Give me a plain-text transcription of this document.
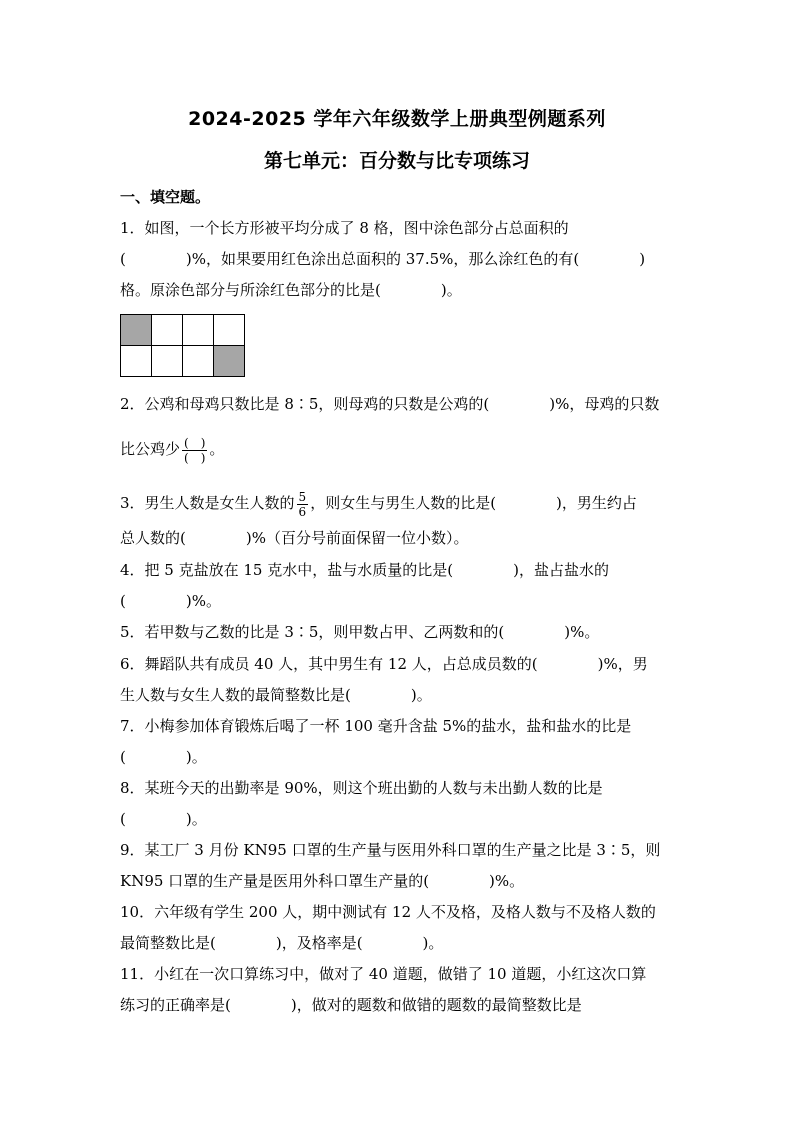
2024-2025 学年六年级数学上册典型例题系列
第七单元：百分数与比专项练习
一、填空题。
1．如图，一个长方形被平均分成了 8 格，图中涂色部分占总面积的
(　　　　)%，如果要用红色涂出总面积的 37.5%，那么涂红色的有(　　　　)
格。原涂色部分与所涂红色部分的比是(　　　　)。

2．公鸡和母鸡只数比是 8∶5，则母鸡的只数是公鸡的(　　　　)%，母鸡的只数
比公鸡少 $\frac{( )}{( )}$ 。
3．男生人数是女生人数的 $\frac{5}{6}$ ，则女生与男生人数的比是(　　　　)，男生约占
总人数的(　　　　)%（百分号前面保留一位小数）。
4．把 5 克盐放在 15 克水中，盐与水质量的比是(　　　　)，盐占盐水的
(　　　　)%。
5．若甲数与乙数的比是 3∶5，则甲数占甲、乙两数和的(　　　　)%。
6．舞蹈队共有成员 40 人，其中男生有 12 人，占总成员数的(　　　　)%，男
生人数与女生人数的最简整数比是(　　　　)。
7．小梅参加体育锻炼后喝了一杯 100 毫升含盐 5%的盐水，盐和盐水的比是
(　　　　)。
8．某班今天的出勤率是 90%，则这个班出勤的人数与未出勤人数的比是
(　　　　)。
9．某工厂 3 月份 KN95 口罩的生产量与医用外科口罩的生产量之比是 3∶5，则
KN95 口罩的生产量是医用外科口罩生产量的(　　　　)%。
10．六年级有学生 200 人，期中测试有 12 人不及格，及格人数与不及格人数的
最简整数比是(　　　　)，及格率是(　　　　)。
11．小红在一次口算练习中，做对了 40 道题，做错了 10 道题，小红这次口算
练习的正确率是(　　　　)，做对的题数和做错的题数的最简整数比是
